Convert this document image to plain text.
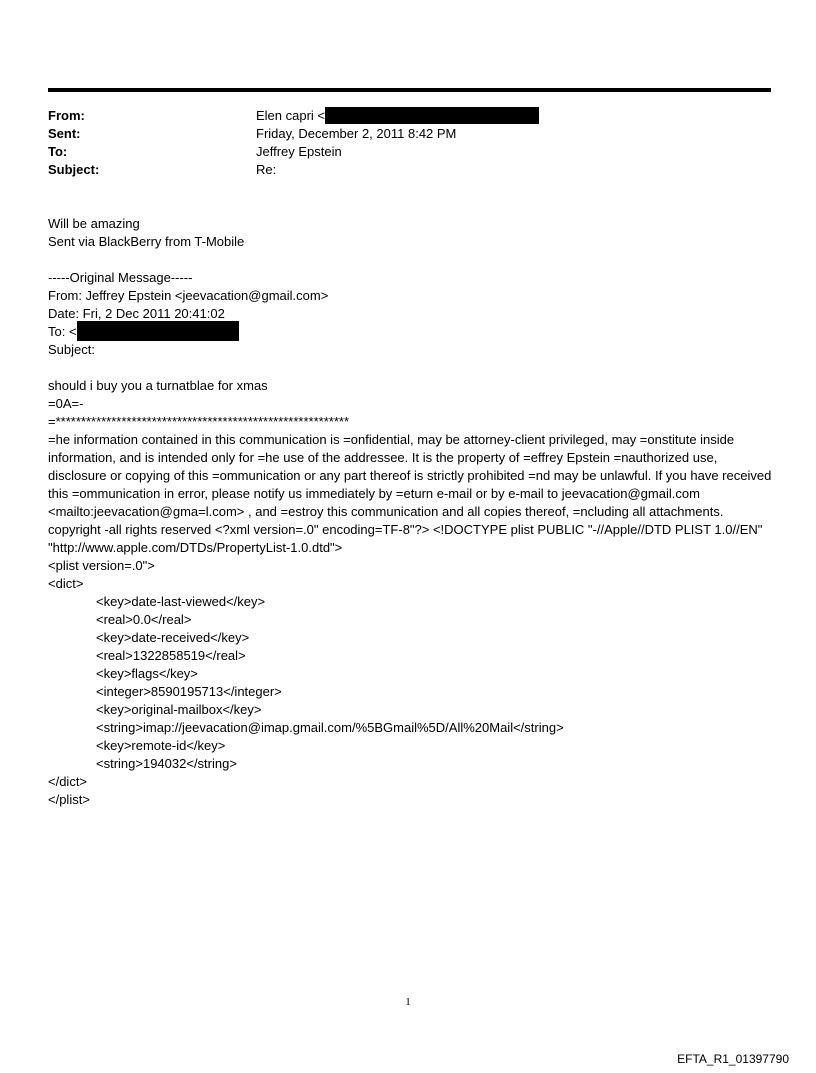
From:	Elen capri <
Sent:	Friday, December 2, 2011 8:42 PM
To:	Jeffrey Epstein
Subject:	Re:
Will be amazing
Sent via BlackBerry from T-Mobile
-----Original Message-----
From: Jeffrey Epstein <jeevacation@gmail.com>
Date: Fri, 2 Dec 2011 20:41:02
To: <
Subject:
should i buy you a turnatblae for xmas
=0A=-
=**********************************************************
=he information contained in this communication is =onfidential, may be attorney-client privileged, may =onstitute inside information, and is intended only for =he use of the addressee. It is the property of =effrey Epstein =nauthorized use, disclosure or copying of this =ommunication or any part thereof is strictly prohibited =nd may be unlawful. If you have received this =ommunication in error, please notify us immediately by =eturn e-mail or by e-mail to jeevacation@gmail.com <mailto:jeevacation@gma=l.com> , and =estroy this communication and all copies thereof, =ncluding all attachments. copyright -all rights reserved <?xml version=.0" encoding=TF-8"?> <!DOCTYPE plist PUBLIC "-//Apple//DTD PLIST 1.0//EN" "http://www.apple.com/DTDs/PropertyList-1.0.dtd">
<plist version=.0">
<dict>
<key>date-last-viewed</key>
<real>0.0</real>
<key>date-received</key>
<real>1322858519</real>
<key>flags</key>
<integer>8590195713</integer>
<key>original-mailbox</key>
<string>imap://jeevacation@imap.gmail.com/%5BGmail%5D/All%20Mail</string>
<key>remote-id</key>
<string>194032</string>
</dict>
</plist>
1
EFTA_R1_01397790
